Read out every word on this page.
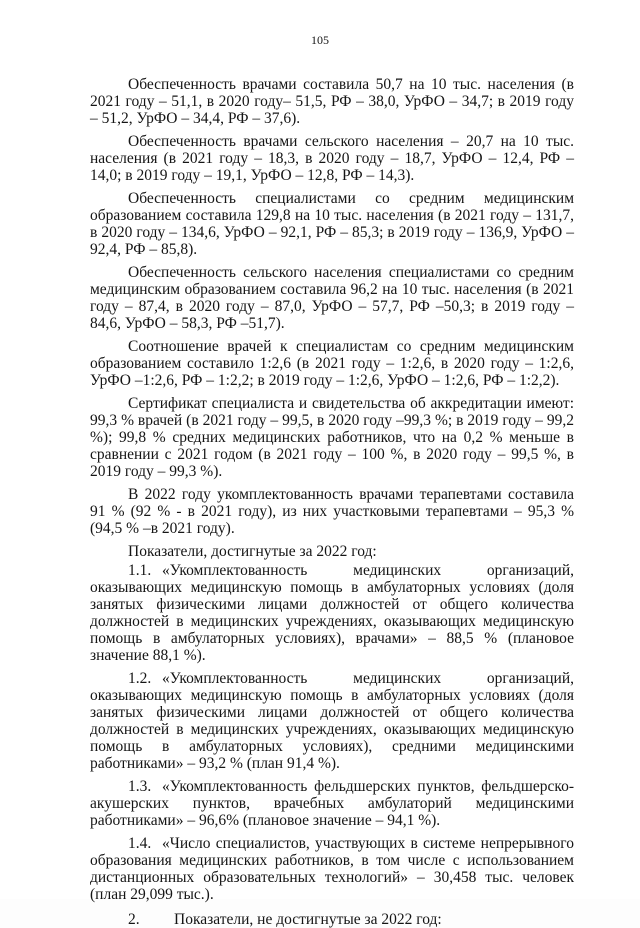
105

Обеспеченность врачами составила 50,7 на 10 тыс. населения (в 2021 году – 51,1, в 2020 году– 51,5, РФ – 38,0, УрФО – 34,7; в 2019 году – 51,2, УрФО – 34,4, РФ – 37,6).

Обеспеченность врачами сельского населения – 20,7 на 10 тыс. населения (в 2021 году – 18,3, в 2020 году – 18,7, УрФО – 12,4, РФ – 14,0; в 2019 году – 19,1, УрФО – 12,8, РФ – 14,3).

Обеспеченность специалистами со средним медицинским образованием составила 129,8 на 10 тыс. населения (в 2021 году – 131,7, в 2020 году – 134,6, УрФО – 92,1, РФ – 85,3; в 2019 году – 136,9, УрФО – 92,4, РФ – 85,8).

Обеспеченность сельского населения специалистами со средним медицинским образованием составила 96,2 на 10 тыс. населения (в 2021 году – 87,4, в 2020 году – 87,0, УрФО – 57,7, РФ –50,3; в 2019 году – 84,6, УрФО – 58,3, РФ –51,7).

Соотношение врачей к специалистам со средним медицинским образованием составило 1:2,6 (в 2021 году – 1:2,6, в 2020 году – 1:2,6, УрФО –1:2,6, РФ – 1:2,2; в 2019 году – 1:2,6, УрФО – 1:2,6, РФ – 1:2,2).

Сертификат специалиста и свидетельства об аккредитации имеют: 99,3 % врачей (в 2021 году – 99,5, в 2020 году –99,3 %; в 2019 году – 99,2 %); 99,8 % средних медицинских работников, что на 0,2 % меньше в сравнении с 2021 годом (в 2021 году – 100 %, в 2020 году – 99,5 %, в 2019 году – 99,3 %).

В 2022 году укомплектованность врачами терапевтами составила 91 % (92 % - в 2021 году), из них участковыми терапевтами – 95,3 % (94,5 % –в 2021 году).

Показатели, достигнутые за 2022 год:

1.1. «Укомплектованность медицинских организаций, оказывающих медицинскую помощь в амбулаторных условиях (доля занятых физическими лицами должностей от общего количества должностей в медицинских учреждениях, оказывающих медицинскую помощь в амбулаторных условиях), врачами» – 88,5 % (плановое значение 88,1 %).

1.2. «Укомплектованность медицинских организаций, оказывающих медицинскую помощь в амбулаторных условиях (доля занятых физическими лицами должностей от общего количества должностей в медицинских учреждениях, оказывающих медицинскую помощь в амбулаторных условиях), средними медицинскими работниками» – 93,2 % (план 91,4 %).

1.3. «Укомплектованность фельдшерских пунктов, фельдшерско-акушерских пунктов, врачебных амбулаторий медицинскими работниками» – 96,6% (плановое значение – 94,1 %).

1.4. «Число специалистов, участвующих в системе непрерывного образования медицинских работников, в том числе с использованием дистанционных образовательных технологий» – 30,458 тыс. человек (план 29,099 тыс.).

2. Показатели, не достигнутые за 2022 год:
